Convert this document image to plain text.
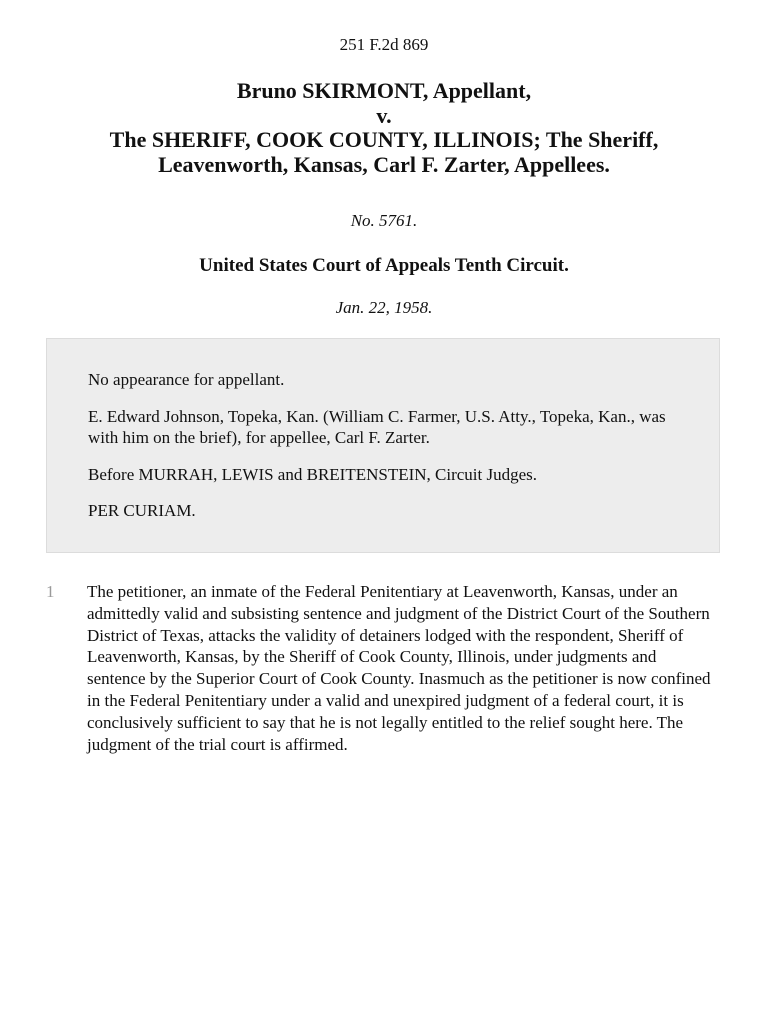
251 F.2d 869
Bruno SKIRMONT, Appellant,
v.
The SHERIFF, COOK COUNTY, ILLINOIS; The Sheriff,
Leavenworth, Kansas, Carl F. Zarter, Appellees.
No. 5761.
United States Court of Appeals Tenth Circuit.
Jan. 22, 1958.

No appearance for appellant.

E. Edward Johnson, Topeka, Kan. (William C. Farmer, U.S. Atty., Topeka, Kan., was with him on the brief), for appellee, Carl F. Zarter.

Before MURRAH, LEWIS and BREITENSTEIN, Circuit Judges.

PER CURIAM.

1	The petitioner, an inmate of the Federal Penitentiary at Leavenworth, Kansas, under an admittedly valid and subsisting sentence and judgment of the District Court of the Southern District of Texas, attacks the validity of detainers lodged with the respondent, Sheriff of Leavenworth, Kansas, by the Sheriff of Cook County, Illinois, under judgments and sentence by the Superior Court of Cook County. Inasmuch as the petitioner is now confined in the Federal Penitentiary under a valid and unexpired judgment of a federal court, it is conclusively sufficient to say that he is not legally entitled to the relief sought here. The judgment of the trial court is affirmed.
